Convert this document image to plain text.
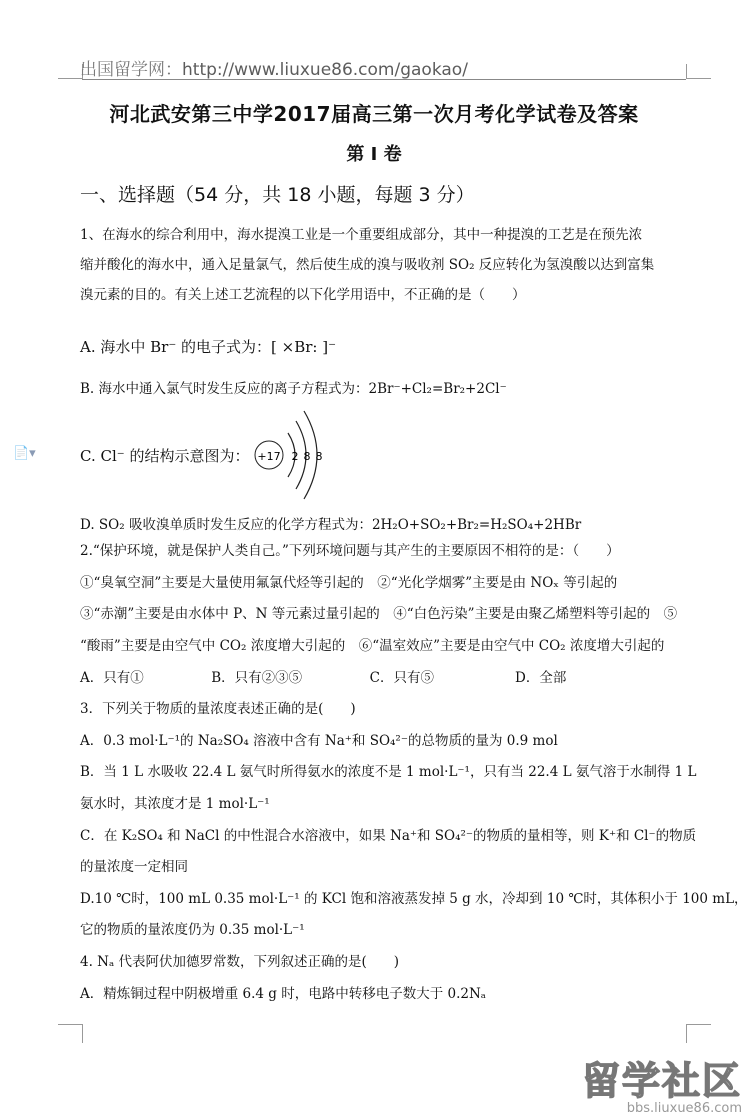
出国留学网：http://www.liuxue86.com/gaokao/
河北武安第三中学2017届高三第一次月考化学试卷及答案
第 I 卷
一、选择题（54 分，共 18 小题，每题 3 分）
1、在海水的综合利用中，海水提溴工业是一个重要组成部分，其中一种提溴的工艺是在预先浓
缩并酸化的海水中，通入足量氯气，然后使生成的溴与吸收剂 SO₂ 反应转化为氢溴酸以达到富集
溴元素的目的。有关上述工艺流程的以下化学用语中，不正确的是（　　）
A. 海水中 Br⁻ 的电子式为：[ ×Br: ]⁻
B. 海水中通入氯气时发生反应的离子方程式为：2Br⁻+Cl₂=Br₂+2Cl⁻
📄▾	C. Cl⁻ 的结构示意图为： +17 2 8 8
D. SO₂ 吸收溴单质时发生反应的化学方程式为：2H₂O+SO₂+Br₂=H₂SO₄+2HBr
2.“保护环境，就是保护人类自己。”下列环境问题与其产生的主要原因不相符的是：（　　）
①“臭氧空洞”主要是大量使用氟氯代烃等引起的　②“光化学烟雾”主要是由 NOₓ 等引起的
③“赤潮”主要是由水体中 P、N 等元素过量引起的　④“白色污染”主要是由聚乙烯塑料等引起的　⑤
“酸雨”主要是由空气中 CO₂ 浓度增大引起的　⑥“温室效应”主要是由空气中 CO₂ 浓度增大引起的
A．只有①　　　　　B．只有②③⑤　　　　　C．只有⑤　　　　　　D．全部
3．下列关于物质的量浓度表述正确的是(　　)
A．0.3 mol·L⁻¹的 Na₂SO₄ 溶液中含有 Na⁺和 SO₄²⁻的总物质的量为 0.9 mol
B．当 1 L 水吸收 22.4 L 氨气时所得氨水的浓度不是 1 mol·L⁻¹，只有当 22.4 L 氨气溶于水制得 1 L
氨水时，其浓度才是 1 mol·L⁻¹
C．在 K₂SO₄ 和 NaCl 的中性混合水溶液中，如果 Na⁺和 SO₄²⁻的物质的量相等，则 K⁺和 Cl⁻的物质
的量浓度一定相同
D.10 ℃时，100 mL 0.35 mol·L⁻¹ 的 KCl 饱和溶液蒸发掉 5 g 水，冷却到 10 ℃时，其体积小于 100 mL，
它的物质的量浓度仍为 0.35 mol·L⁻¹
4. Nₐ 代表阿伏加德罗常数，下列叙述正确的是(　　)
A．精炼铜过程中阴极增重 6.4 g 时，电路中转移电子数大于 0.2Nₐ
留学社区
bbs.liuxue86.com
